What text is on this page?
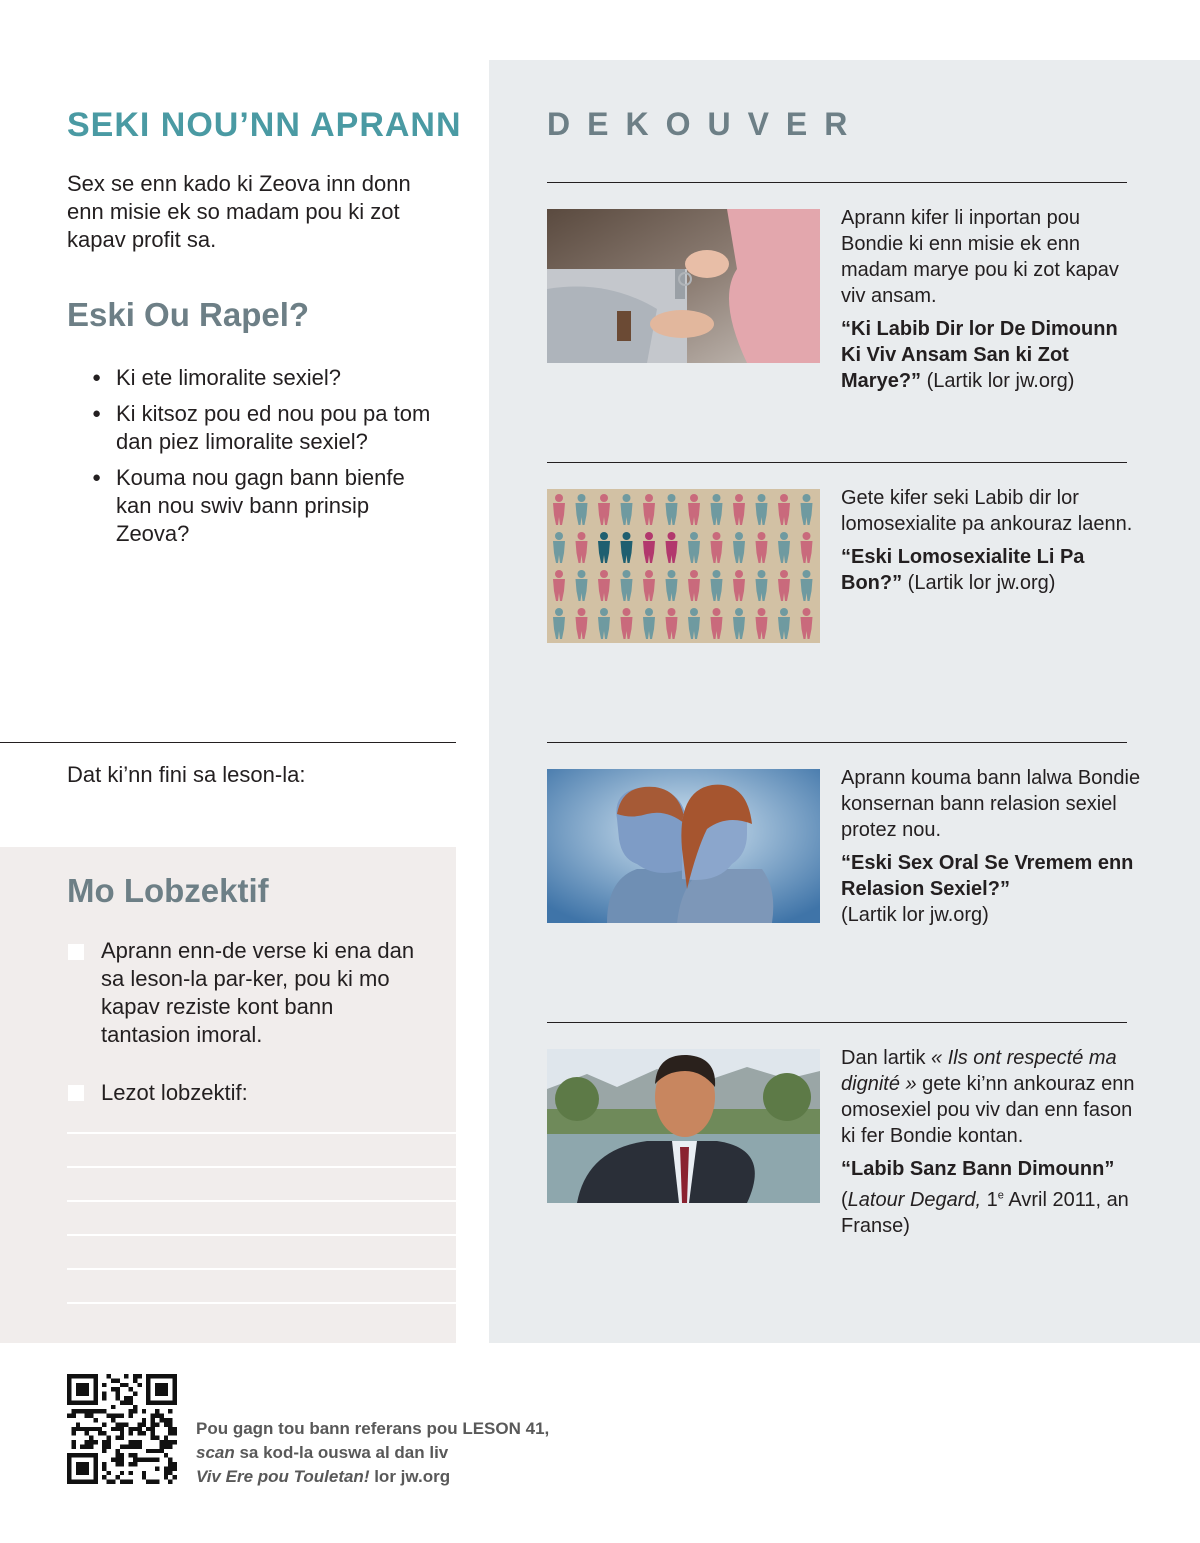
DEKOUVER
Aprann kifer li inportan pou Bondie ki enn misie ek enn madam marye pou ki zot kapav viv ansam.
“Ki Labib Dir lor De Dimounn Ki Viv Ansam San ki Zot Marye?” (Lartik lor jw.org)
Gete kifer seki Labib dir lor lomosexialite pa ankouraz laenn.
“Eski Lomosexialite Li Pa Bon?” (Lartik lor jw.org)
Aprann kouma bann lalwa Bondie konsernan bann relasion sexiel protez nou.
“Eski Sex Oral Se Vremem enn Relasion Sexiel?”
(Lartik lor jw.org)
Dan lartik « Ils ont respecté ma dignité » gete ki’nn ankouraz enn omosexiel pou viv dan enn fason ki fer Bondie kontan.
“Labib Sanz Bann Dimounn”
(Latour Degard, 1e Avril 2011, an Franse)
SEKI NOU’NN APRANN
Sex se enn kado ki Zeova inn donn enn misie ek so madam pou ki zot kapav profit sa.
Eski Ou Rapel?
● Ki ete limoralite sexiel?
● Ki kitsoz pou ed nou pou pa tom dan piez limoralite sexiel?
● Kouma nou gagn bann bienfe kan nou swiv bann prinsip Zeova?
Dat ki’nn fini sa leson-la:
Mo Lobzektif
Aprann enn-de verse ki ena dan sa leson-la par-ker, pou ki mo kapav reziste kont bann tantasion imoral.
Lezot lobzektif:
Pou gagn tou bann referans pou LESON 41,
scan sa kod-la ouswa al dan liv
Viv Ere pou Touletan! lor jw.org
